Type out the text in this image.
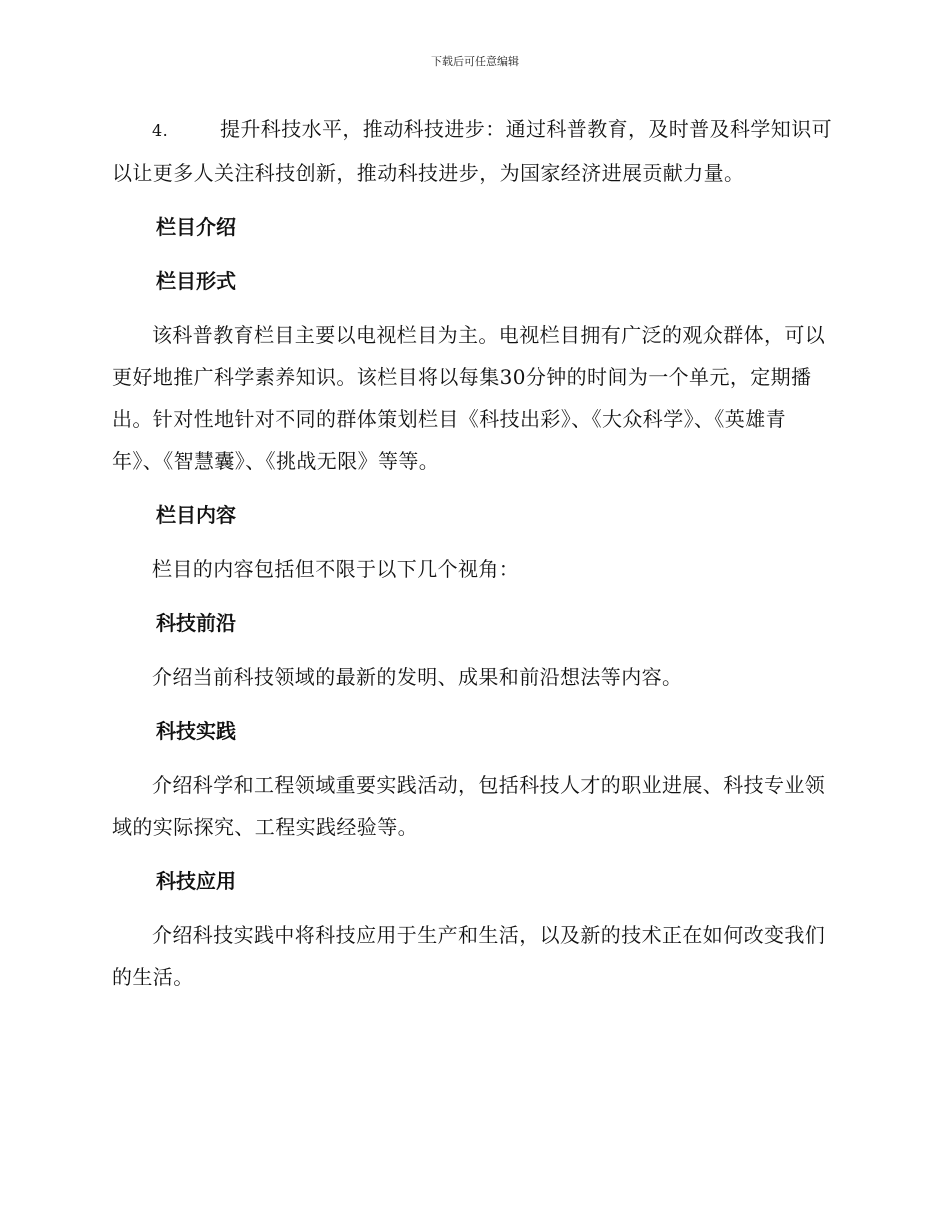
下载后可任意编辑

4.	提升科技水平，推动科技进步：通过科普教育，及时普及科学知识可以让更多人关注科技创新，推动科技进步，为国家经济进展贡献力量。

栏目介绍
栏目形式

该科普教育栏目主要以电视栏目为主。电视栏目拥有广泛的观众群体，可以更好地推广科学素养知识。该栏目将以每集30分钟的时间为一个单元，定期播出。针对性地针对不同的群体策划栏目《科技出彩》、《大众科学》、《英雄青年》、《智慧囊》、《挑战无限》等等。

栏目内容

栏目的内容包括但不限于以下几个视角：

科技前沿

介绍当前科技领域的最新的发明、成果和前沿想法等内容。

科技实践

介绍科学和工程领域重要实践活动，包括科技人才的职业进展、科技专业领域的实际探究、工程实践经验等。

科技应用

介绍科技实践中将科技应用于生产和生活，以及新的技术正在如何改变我们的生活。
